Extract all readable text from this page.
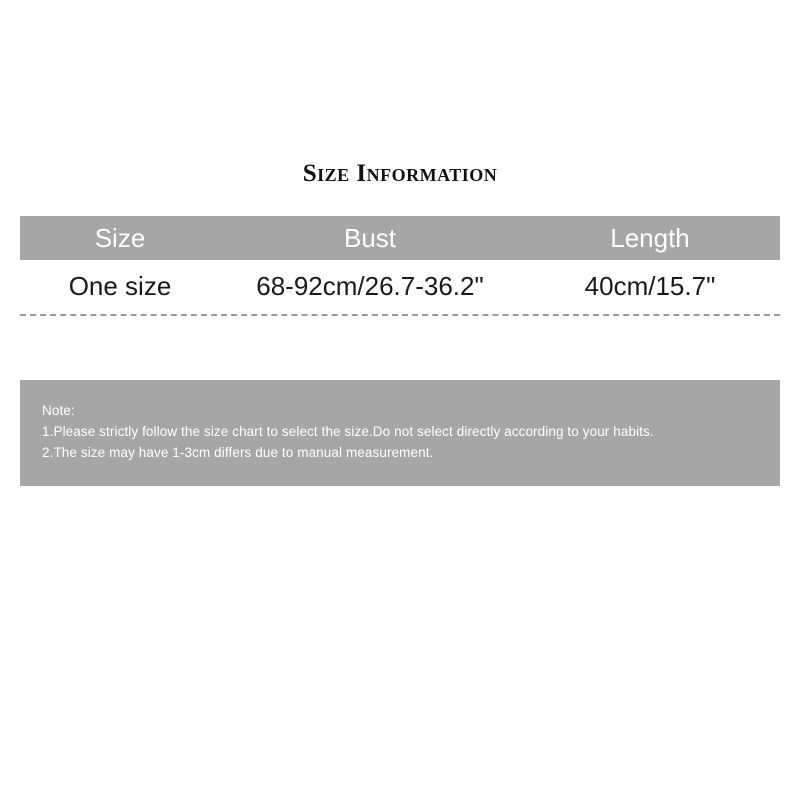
Size Information
Size	Bust	Length
One size	68-92cm/26.7-36.2"	40cm/15.7"
Note:
1.Please strictly follow the size chart to select the size.Do not select directly according to your habits.
2.The size may have 1-3cm differs due to manual measurement.
